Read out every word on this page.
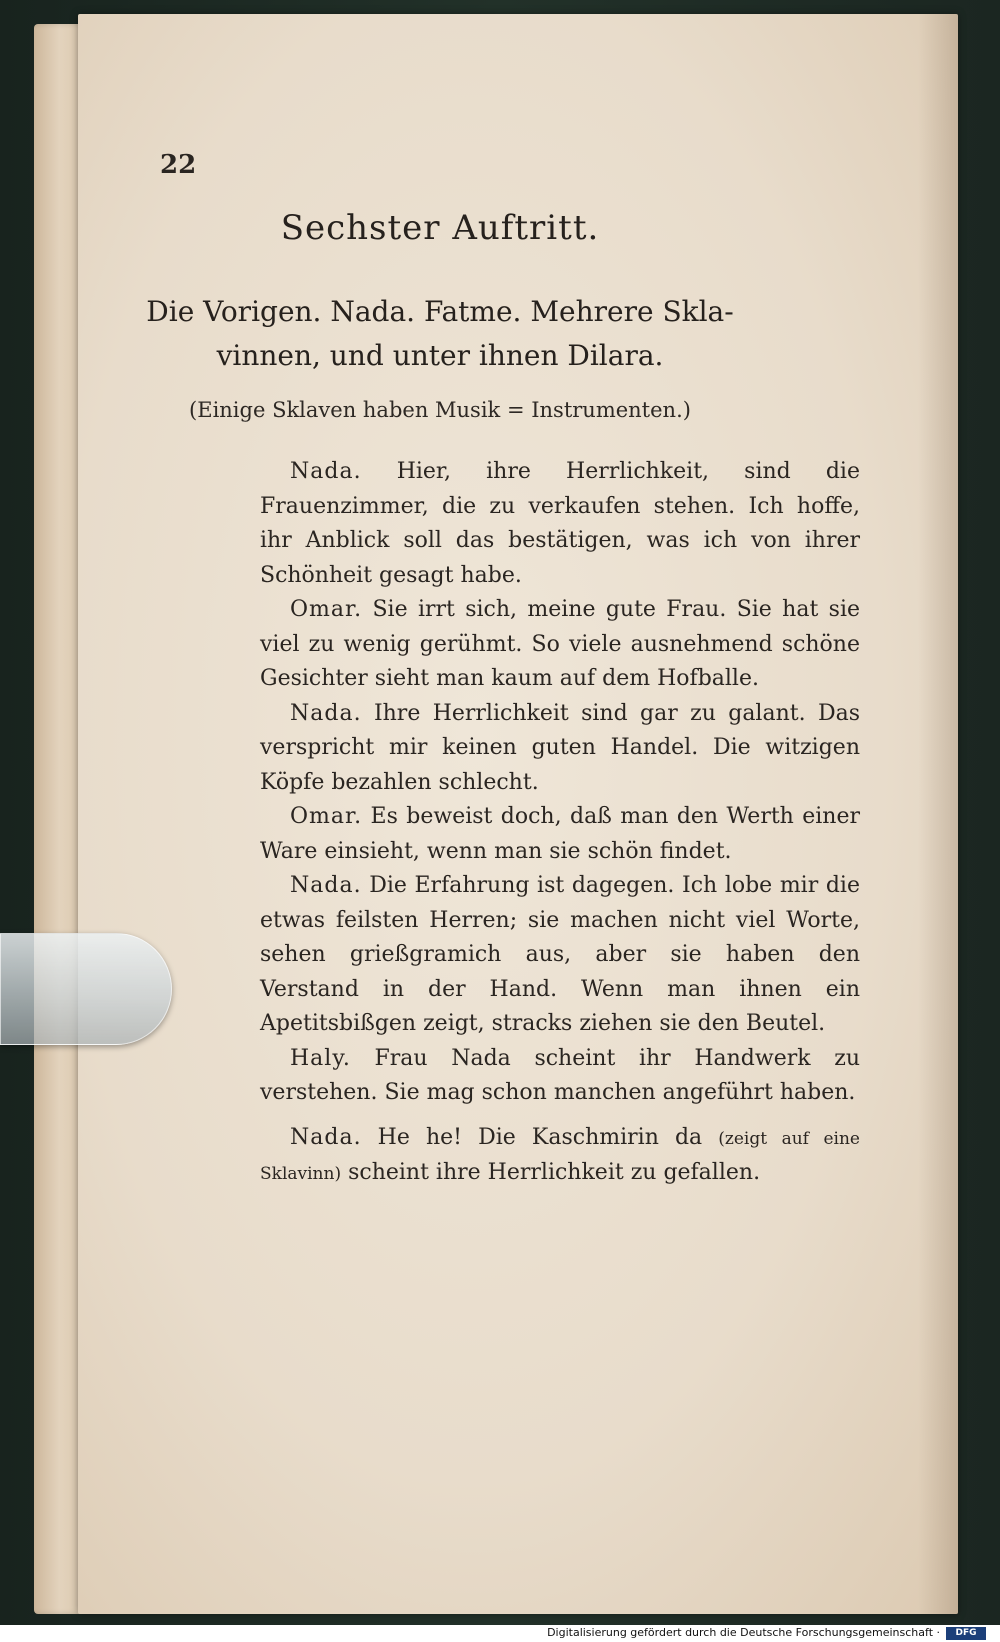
22
Sechster Auftritt.
Die Vorigen. Nada. Fatme. Mehrere Skla-
vinnen, und unter ihnen Dilara.
(Einige Sklaven haben Musik = Instrumenten.)

Nada. Hier, ihre Herrlichkeit, sind die Frauenzimmer, die zu verkaufen stehen. Ich hoffe, ihr Anblick soll das bestätigen, was ich von ihrer Schönheit gesagt habe.

Omar. Sie irrt sich, meine gute Frau. Sie hat sie viel zu wenig gerühmt. So viele ausnehmend schöne Gesichter sieht man kaum auf dem Hofballe.

Nada. Ihre Herrlichkeit sind gar zu galant. Das verspricht mir keinen guten Handel. Die witzigen Köpfe bezahlen schlecht.

Omar. Es beweist doch, daß man den Werth einer Ware einsieht, wenn man sie schön findet.

Nada. Die Erfahrung ist dagegen. Ich lobe mir die etwas feilsten Herren; sie machen nicht viel Worte, sehen grießgramich aus, aber sie haben den Verstand in der Hand. Wenn man ihnen ein Apetitsbißgen zeigt, stracks ziehen sie den Beutel.

Haly. Frau Nada scheint ihr Handwerk zu verstehen. Sie mag schon manchen angeführt haben.

Nada. He he! Die Kaschmirin da (zeigt auf eine Sklavinn) scheint ihre Herrlichkeit zu gefallen.

Digitalisierung gefördert durch die Deutsche Forschungsgemeinschaft ·	DFG
